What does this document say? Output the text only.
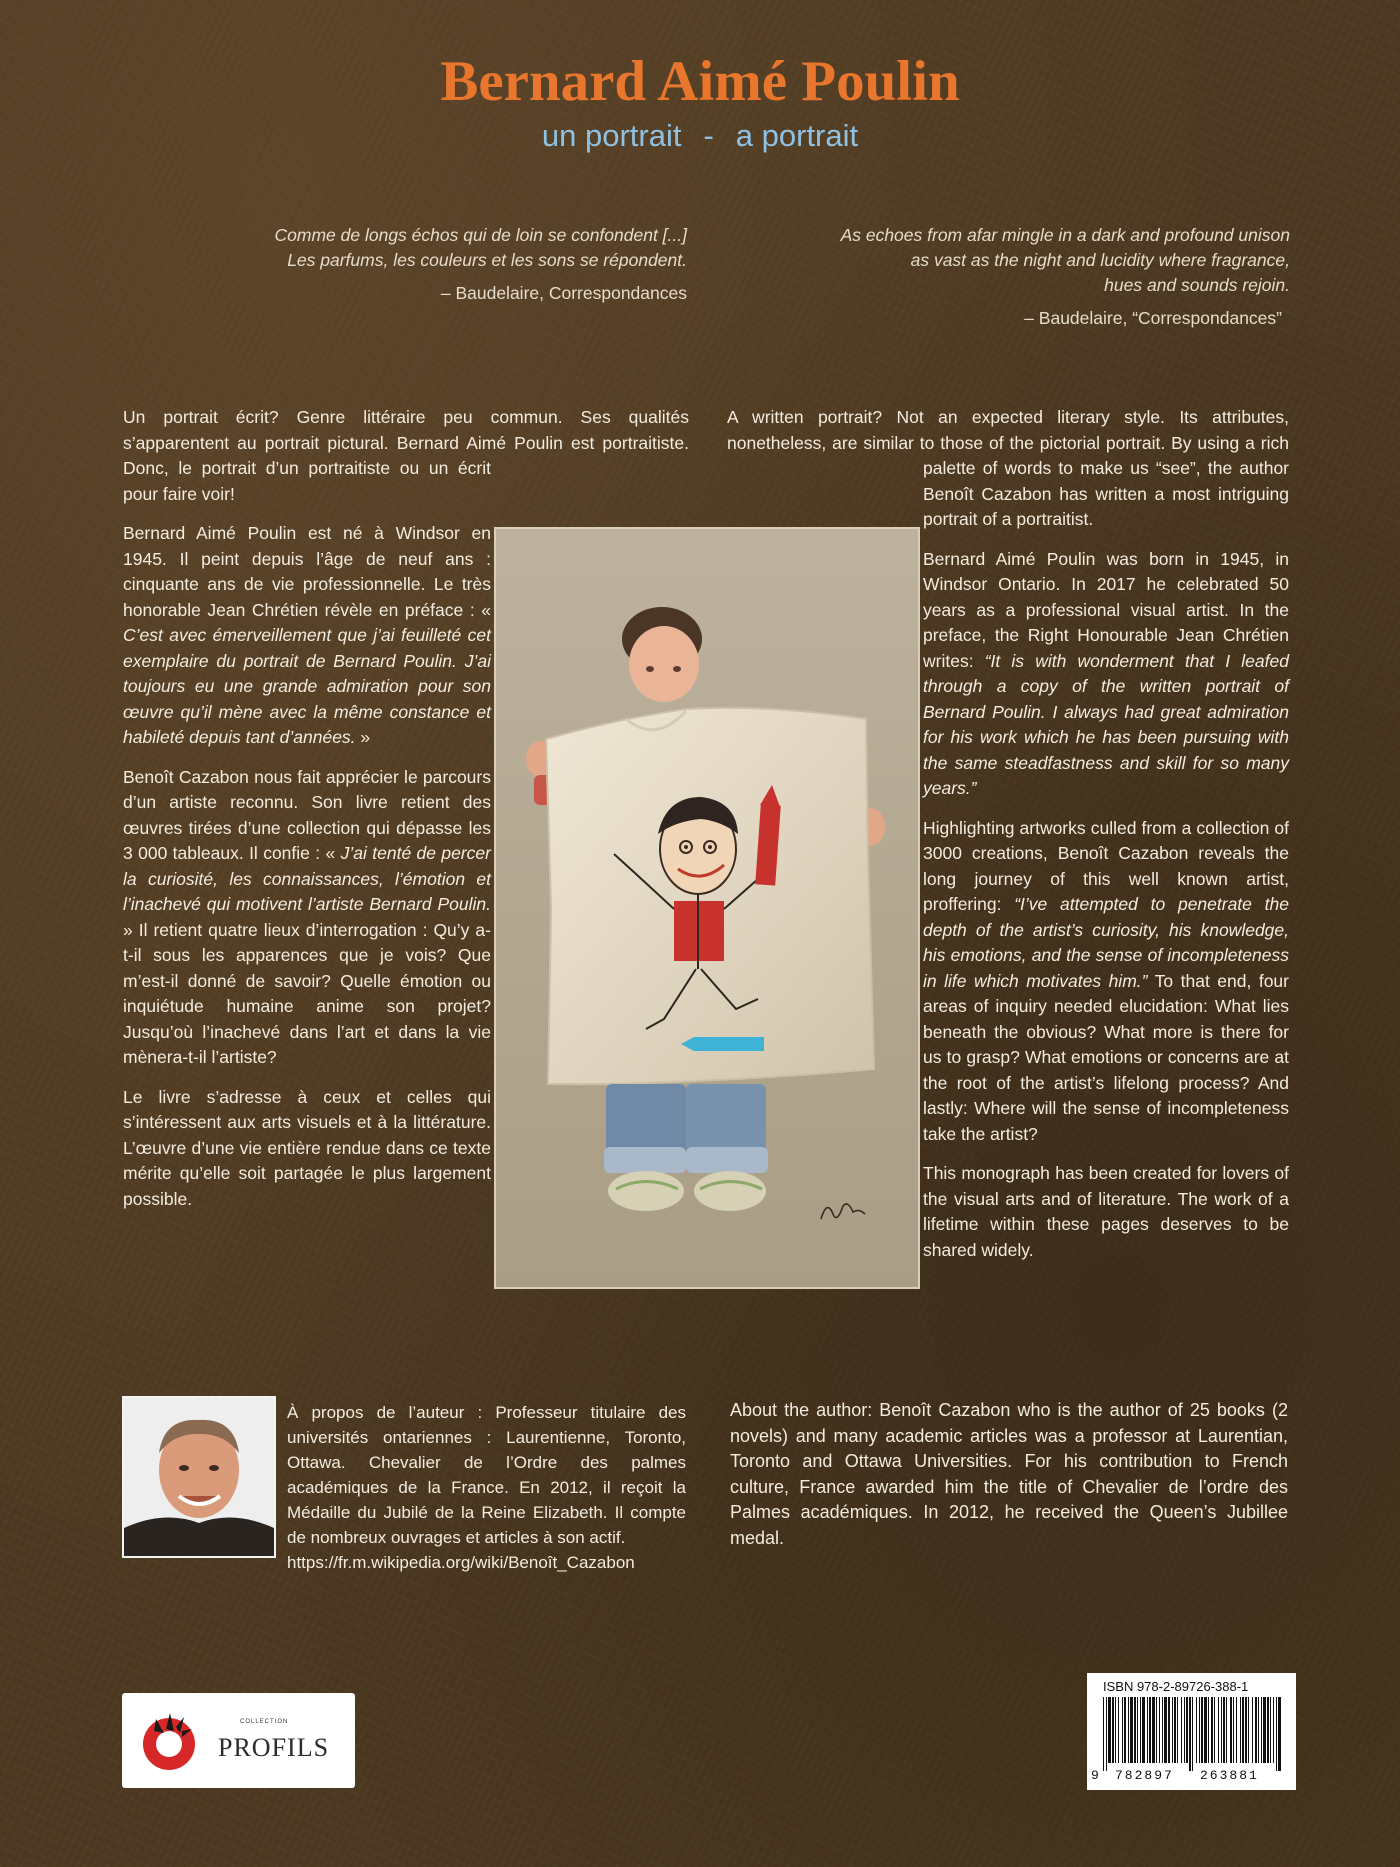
Bernard Aimé Poulin
un portrait - a portrait
Comme de longs échos qui de loin se confondent [...]
Les parfums, les couleurs et les sons se répondent.
– Baudelaire, Correspondances
As echoes from afar mingle in a dark and profound unison
as vast as the night and lucidity where fragrance,
hues and sounds rejoin.
– Baudelaire, “Correspondances”

Un portrait écrit? Genre littéraire peu commun. Ses qualités s’apparentent au portrait pictural. Bernard Aimé Poulin est portraitiste. Donc, le portrait d’un portraitiste ou un écrit pour faire voir!

Bernard Aimé Poulin est né à Windsor en 1945. Il peint depuis l’âge de neuf ans : cinquante ans de vie professionnelle. Le très honorable Jean Chrétien révèle en préface : « C’est avec émerveillement que j’ai feuilleté cet exemplaire du portrait de Bernard Poulin. J’ai toujours eu une grande admiration pour son œuvre qu’il mène avec la même constance et habileté depuis tant d’années. »

Benoît Cazabon nous fait apprécier le parcours d’un artiste reconnu. Son livre retient des œuvres tirées d’une collection qui dépasse les 3 000 tableaux. Il confie : « J’ai tenté de percer la curiosité, les connaissances, l’émotion et l’inachevé qui motivent l’artiste Bernard Poulin. » Il retient quatre lieux d’interrogation : Qu’y a-t-il sous les apparences que je vois? Que m’est-il donné de savoir? Quelle émotion ou inquiétude humaine anime son projet? Jusqu’où l’inachevé dans l’art et dans la vie mènera-t-il l’artiste?

Le livre s’adresse à ceux et celles qui s’intéressent aux arts visuels et à la littérature. L’œuvre d’une vie entière rendue dans ce texte mérite qu’elle soit partagée le plus largement possible.

A written portrait? Not an expected literary style. Its attributes, nonetheless, are similar to those of the pictorial portrait. By using a rich palette of words to make us “see”, the author Benoît Cazabon has written a most intriguing portrait of a portraitist.

Bernard Aimé Poulin was born in 1945, in Windsor Ontario. In 2017 he celebrated 50 years as a professional visual artist. In the preface, the Right Honourable Jean Chrétien writes: “It is with wonderment that I leafed through a copy of the written portrait of Bernard Poulin. I always had great admiration for his work which he has been pursuing with the same steadfastness and skill for so many years.”

Highlighting artworks culled from a collection of 3000 creations, Benoît Cazabon reveals the long journey of this well known artist, proffering: “I’ve attempted to penetrate the depth of the artist’s curiosity, his knowledge, his emotions, and the sense of incompleteness in life which motivates him.” To that end, four areas of inquiry needed elucidation: What lies beneath the obvious? What more is there for us to grasp? What emotions or concerns are at the root of the artist’s lifelong process? And lastly: Where will the sense of incompleteness take the artist?

This monograph has been created for lovers of the visual arts and of literature. The work of a lifetime within these pages deserves to be shared widely.

À propos de l’auteur : Professeur titulaire des universités ontariennes : Laurentienne, Toronto, Ottawa. Chevalier de l’Ordre des palmes académiques de la France. En 2012, il reçoit la Médaille du Jubilé de la Reine Elizabeth. Il compte de nombreux ouvrages et articles à son actif.
https://fr.m.wikipedia.org/wiki/Benoît_Cazabon
About the author: Benoît Cazabon who is the author of 25 books (2 novels) and many academic articles was a professor at Laurentian, Toronto and Ottawa Universities. For his contribution to French culture, France awarded him the title of Chevalier de l’ordre des Palmes académiques. In 2012, he received the Queen’s Jubillee medal.
COLLECTION
PROFILS
ISBN 978-2-89726-388-1
9 782897 263881
